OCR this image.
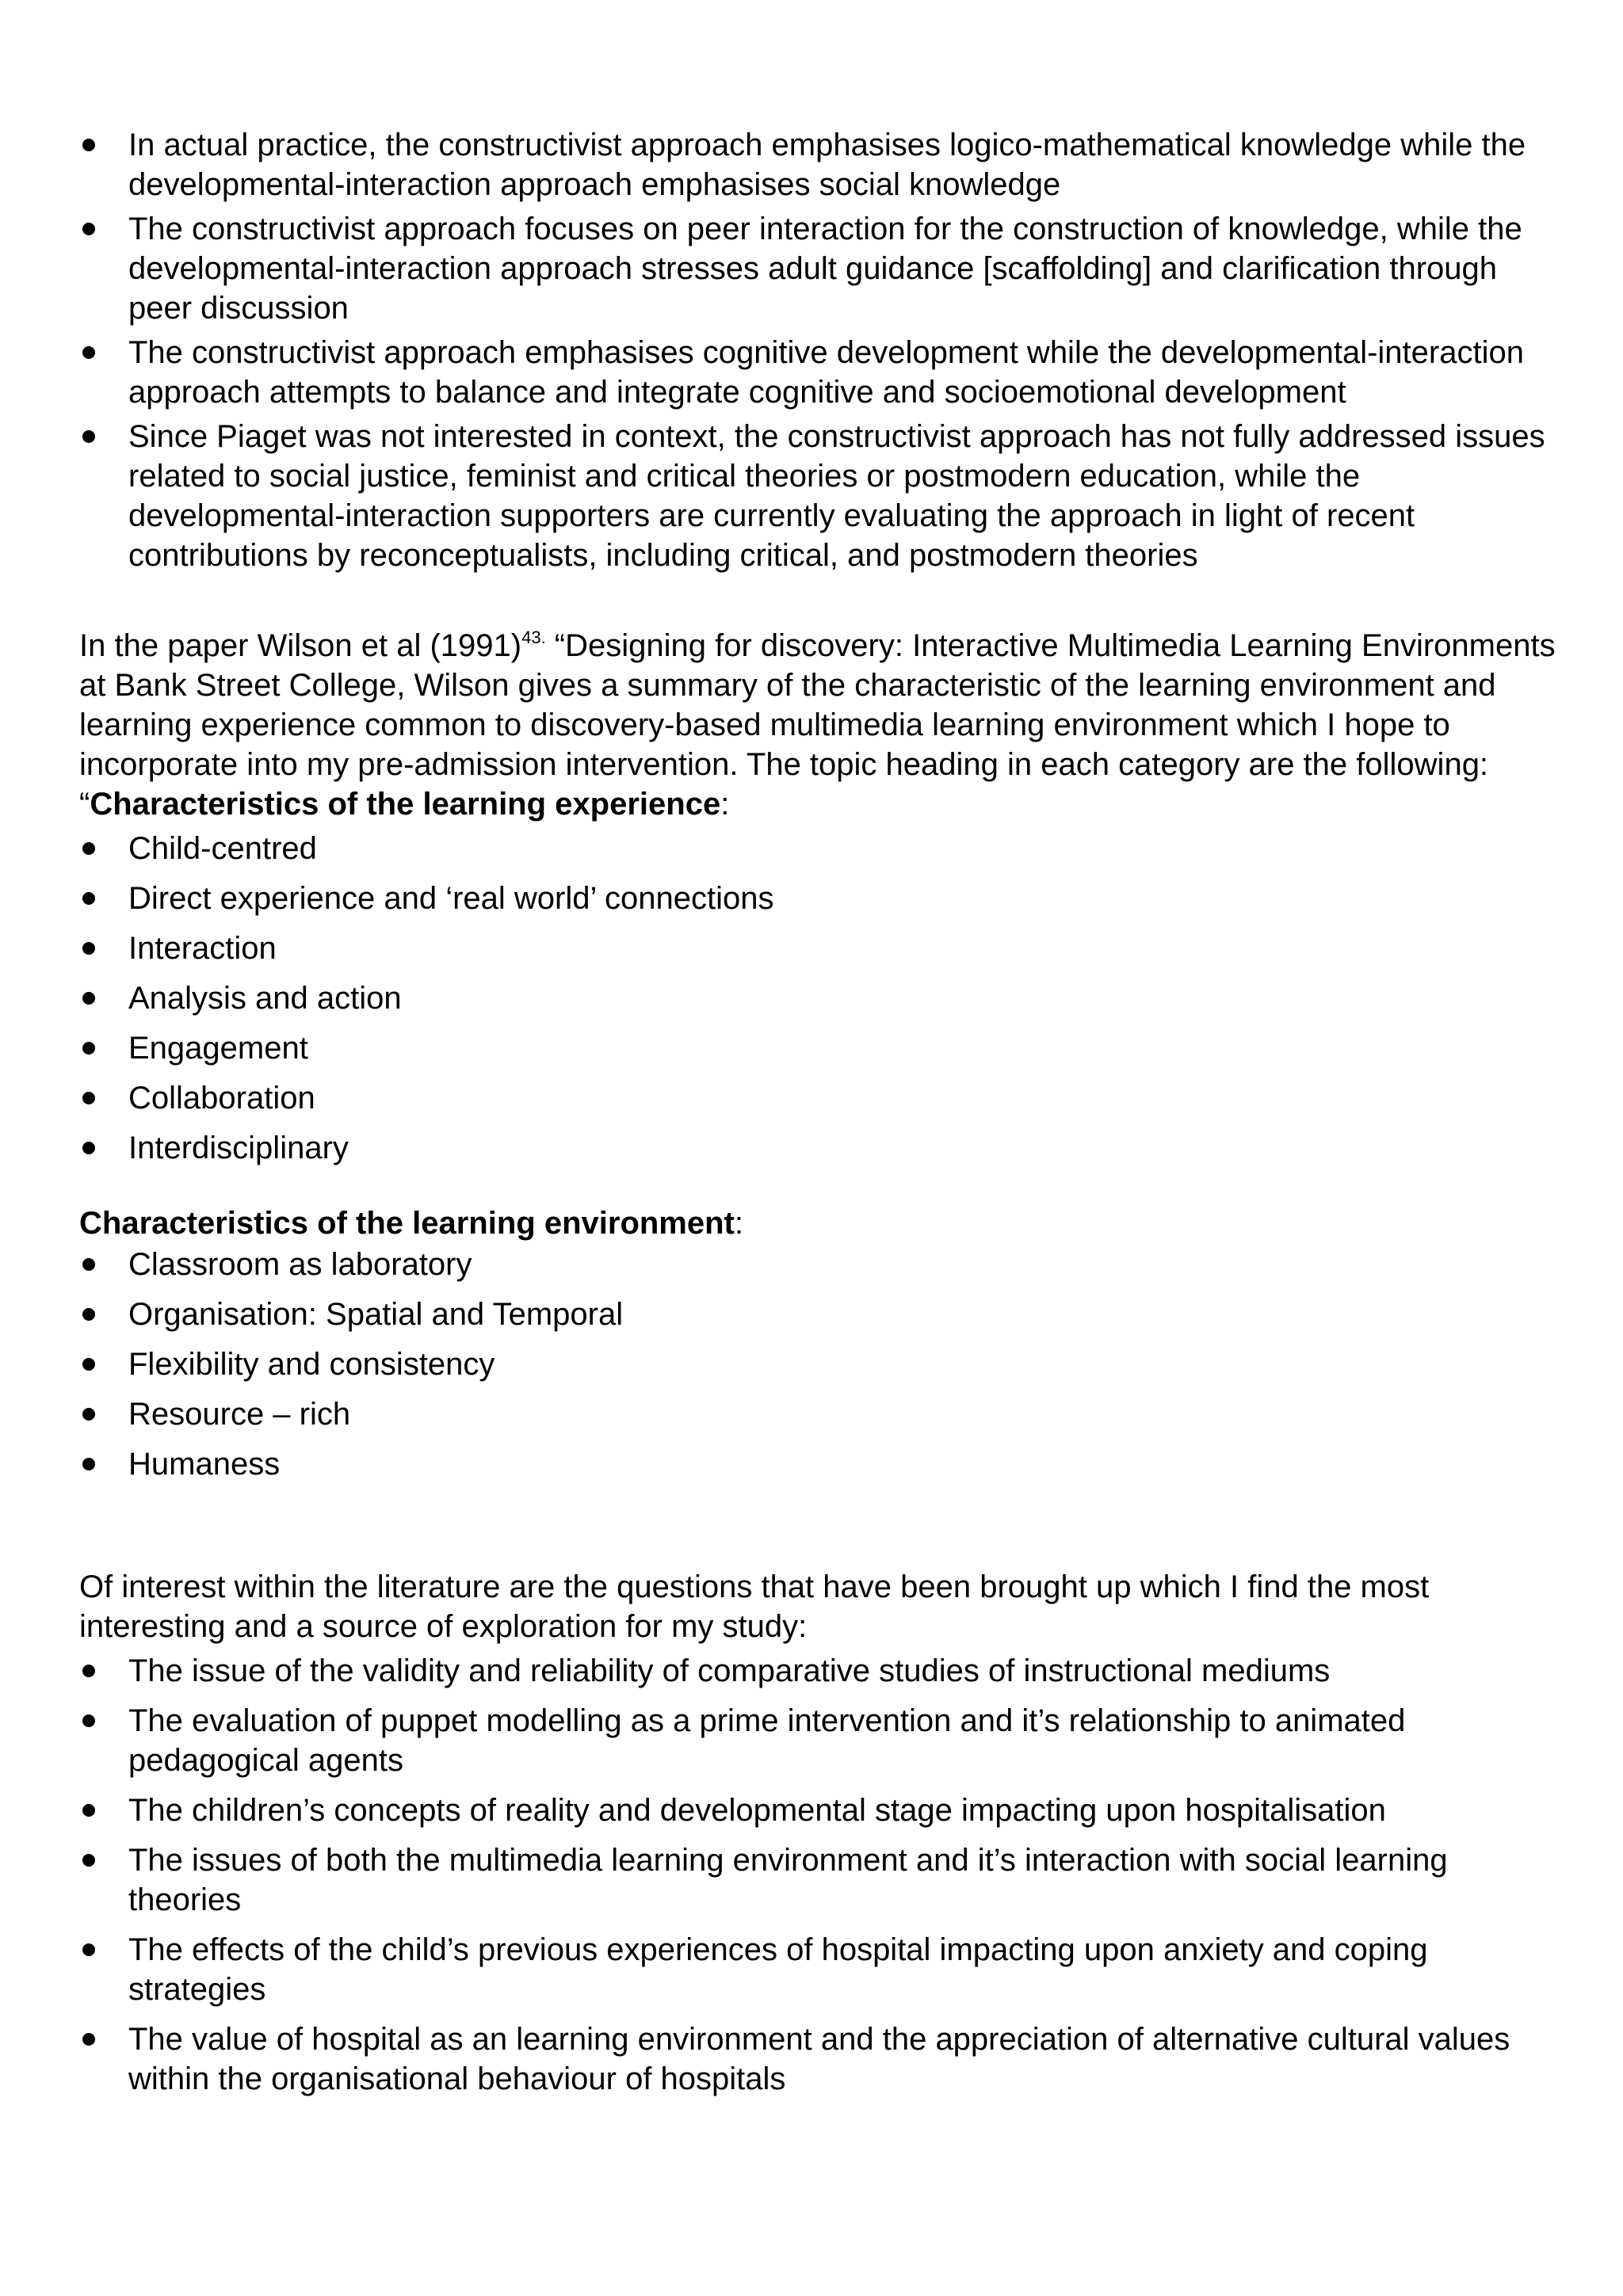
In actual practice, the constructivist approach emphasises logico-mathematical knowledge while the developmental-interaction approach emphasises social knowledge
The constructivist approach focuses on peer interaction for the construction of knowledge, while the developmental-interaction approach stresses adult guidance [scaffolding] and clarification through peer discussion
The constructivist approach emphasises cognitive development while the developmental-interaction approach attempts to balance and integrate cognitive and socioemotional development
Since Piaget was not interested in context, the constructivist approach has not fully addressed issues related to social justice, feminist and critical theories or postmodern education, while the developmental-interaction supporters are currently evaluating the approach in light of recent contributions by reconceptualists, including critical, and postmodern theories

In the paper Wilson et al $(1991)^{43.}$ “Designing for discovery: Interactive Multimedia Learning Environments at Bank Street College, Wilson gives a summary of the characteristic of the learning environment and learning experience common to discovery-based multimedia learning environment which I hope to incorporate into my pre-admission intervention. The topic heading in each category are the following:

“Characteristics of the learning experience:

Child-centred
Direct experience and ‘real world’ connections
Interaction
Analysis and action
Engagement
Collaboration
Interdisciplinary

Characteristics of the learning environment:

Classroom as laboratory
Organisation: Spatial and Temporal
Flexibility and consistency
Resource – rich
Humaness

Of interest within the literature are the questions that have been brought up which I find the most interesting and a source of exploration for my study:

The issue of the validity and reliability of comparative studies of instructional mediums
The evaluation of puppet modelling as a prime intervention and it’s relationship to animated pedagogical agents
The children’s concepts of reality and developmental stage impacting upon hospitalisation
The issues of both the multimedia learning environment and it’s interaction with social learning theories
The effects of the child’s previous experiences of hospital impacting upon anxiety and coping strategies
The value of hospital as an learning environment and the appreciation of alternative cultural values within the organisational behaviour of hospitals
